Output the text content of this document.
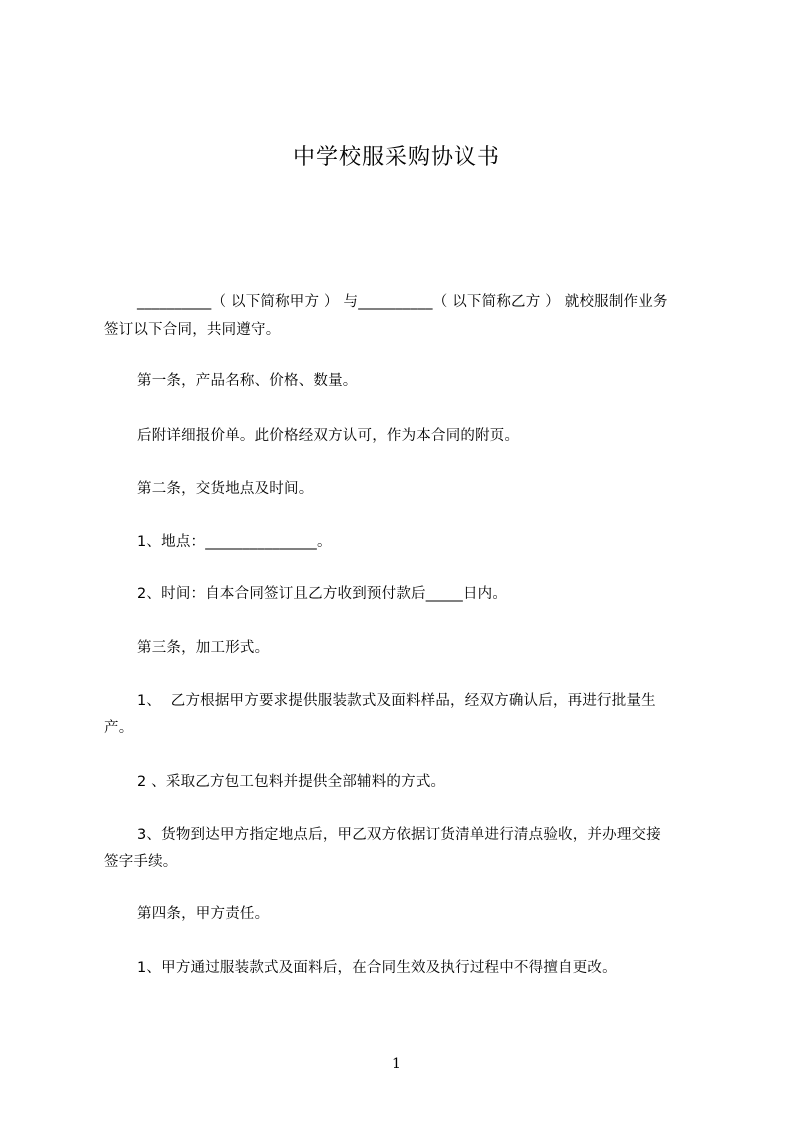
中学校服采购协议书
__________（ 以下简称甲方 ） 与__________（ 以下简称乙方 ） 就校服制作业务
签订以下合同，共同遵守。
第一条，产品名称、价格、数量。
后附详细报价单。此价格经双方认可，作为本合同的附页。
第二条，交货地点及时间。
1、地点：_______________。
2、时间：自本合同签订且乙方收到预付款后_____日内。
第三条，加工形式。
1、  乙方根据甲方要求提供服装款式及面料样品，经双方确认后，再进行批量生
产。
2 、采取乙方包工包料并提供全部辅料的方式。
3、货物到达甲方指定地点后，甲乙双方依据订货清单进行清点验收，并办理交接
签字手续。
第四条，甲方责任。
1、甲方通过服装款式及面料后，在合同生效及执行过程中不得擅自更改。
1
